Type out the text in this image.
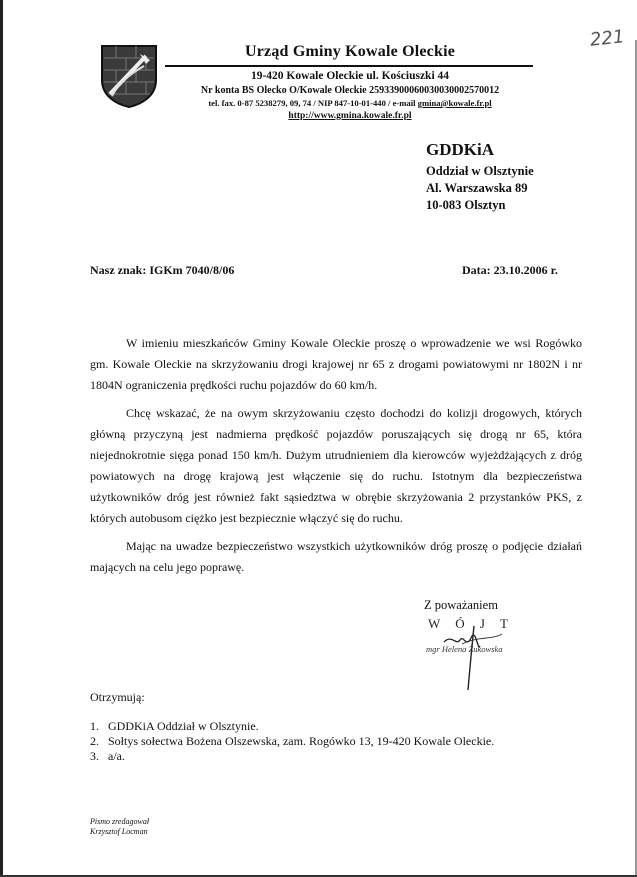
Urząd Gminy Kowale Oleckie
19-420 Kowale Oleckie ul. Kościuszki 44
Nr konta BS Olecko O/Kowale Oleckie 25933900060030030002570012
tel. fax. 0-87 5238279, 09, 74 / NIP 847-10-01-440 / e-mail gmina@kowale.fr.pl
http://www.gmina.kowale.fr.pl
221
GDDKiA
Oddział w Olsztynie
Al. Warszawska 89
10-083 Olsztyn
Nasz znak: IGKm 7040/8/06	Data: 23.10.2006 r.

W imieniu mieszkańców Gminy Kowale Oleckie proszę o wprowadzenie we wsi Rogówko gm. Kowale Oleckie na skrzyżowaniu drogi krajowej nr 65 z drogami powiatowymi nr 1802N i nr 1804N ograniczenia prędkości ruchu pojazdów do 60 km/h.

Chcę wskazać, że na owym skrzyżowaniu często dochodzi do kolizji drogowych, których główną przyczyną jest nadmierna prędkość pojazdów poruszających się drogą nr 65, która niejednokrotnie sięga ponad 150 km/h. Dużym utrudnieniem dla kierowców wyjeżdżających z dróg powiatowych na drogę krajową jest włączenie się do ruchu. Istotnym dla bezpieczeństwa użytkowników dróg jest również fakt sąsiedztwa w obrębie skrzyżowania 2 przystanków PKS, z których autobusom ciężko jest bezpiecznie włączyć się do ruchu.

Mając na uwadze bezpieczeństwo wszystkich użytkowników dróg proszę o podjęcie działań mających na celu jego poprawę.

Z poważaniem
W Ó J T
mgr Helena Żukowska
Otrzymują:
1. GDDKiA Oddział w Olsztynie.
2. Sołtys sołectwa Bożena Olszewska, zam. Rogówko 13, 19-420 Kowale Oleckie.
3. a/a.
Pismo zredagował
Krzysztof Locman
